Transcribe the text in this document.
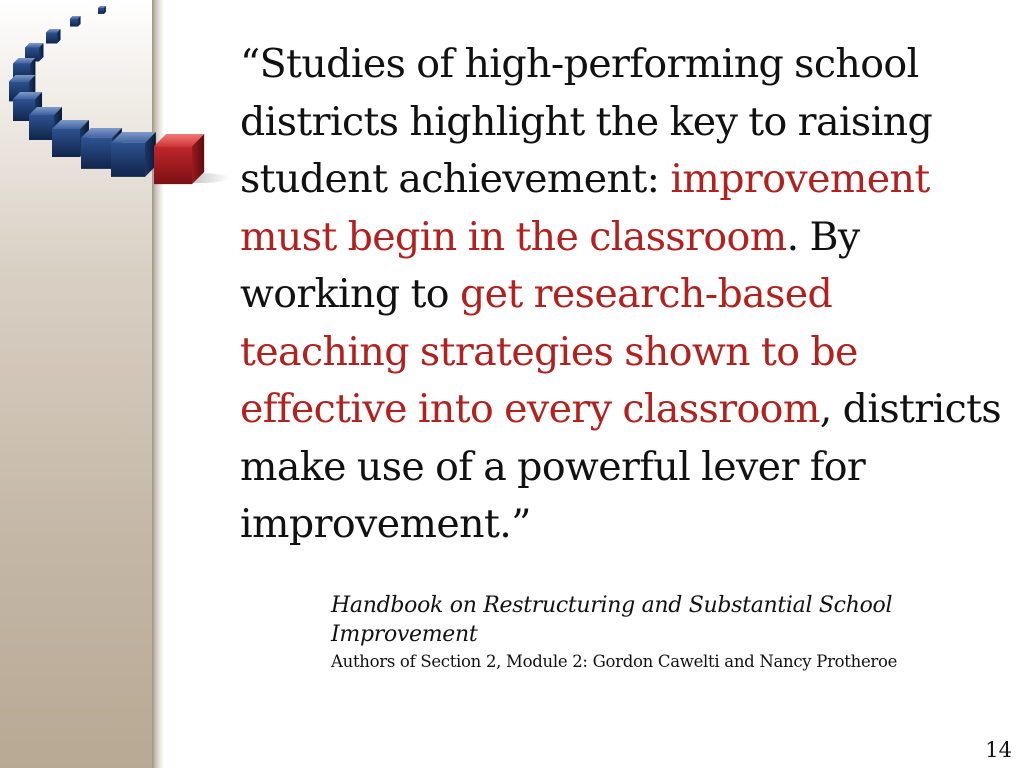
“Studies of high-performing school districts highlight the key to raising student achievement: improvement must begin in the classroom. By working to get research-based teaching strategies shown to be effective into every classroom, districts make use of a powerful lever for improvement.”
Handbook on Restructuring and Substantial School Improvement
Authors of Section 2, Module 2: Gordon Cawelti and Nancy Protheroe
14
